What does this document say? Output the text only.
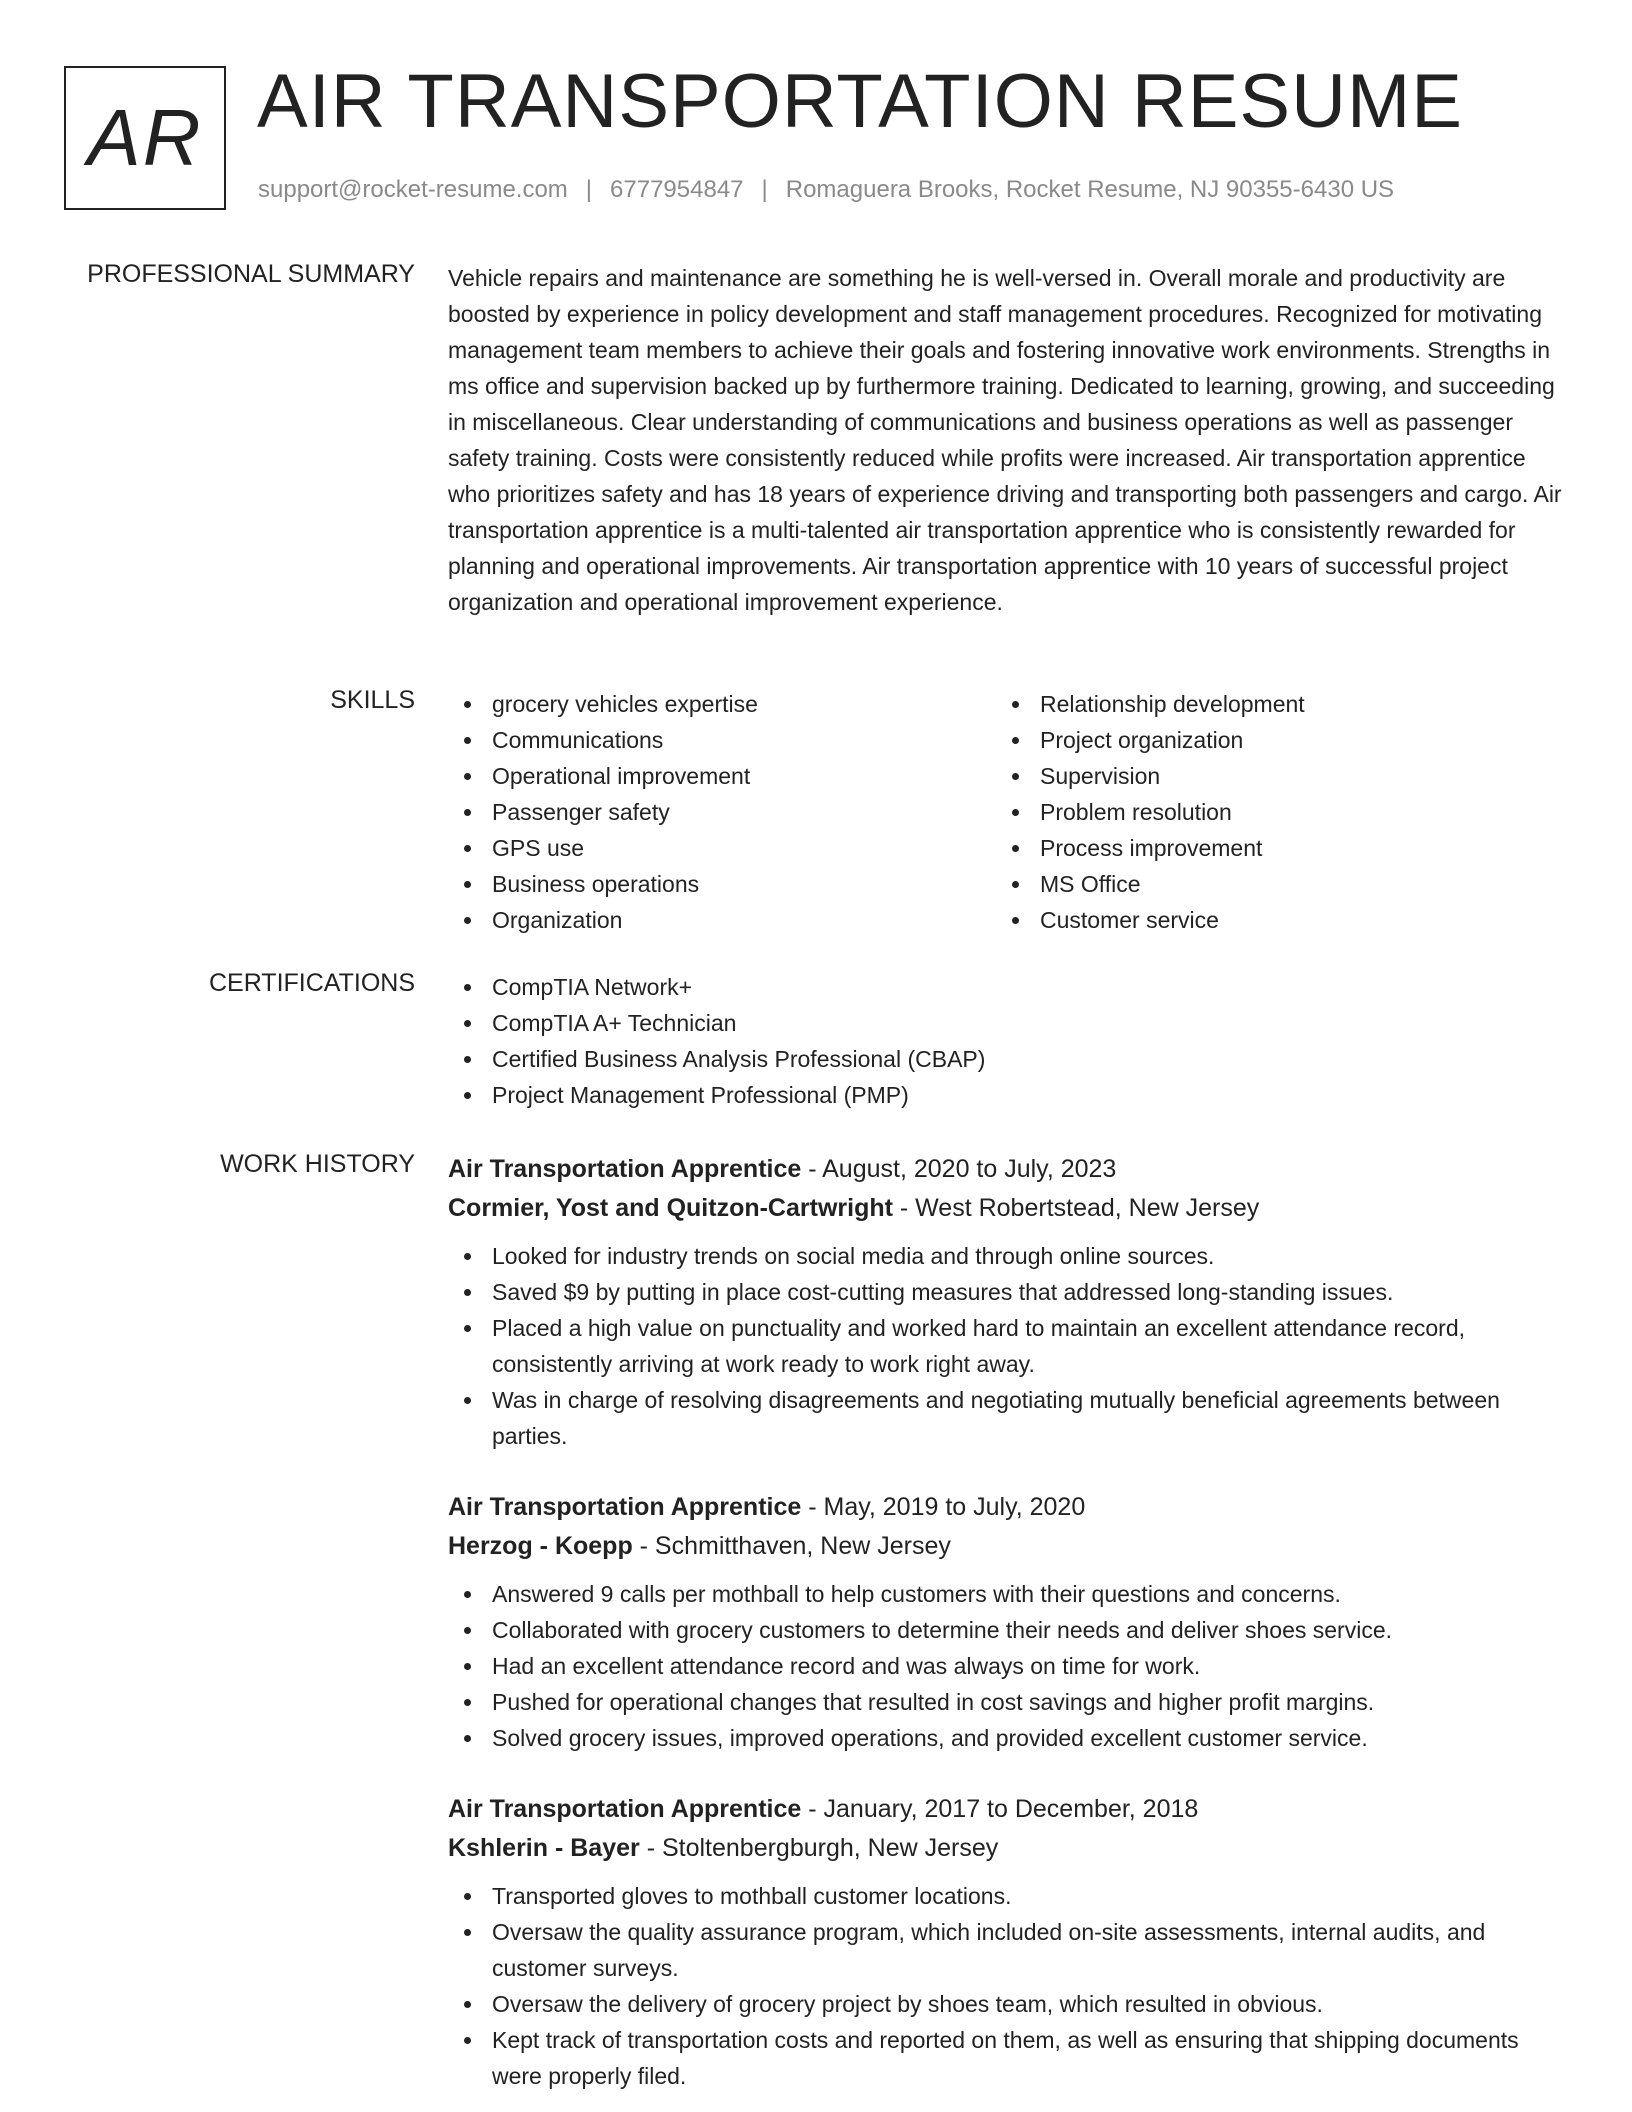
AR AIR TRANSPORTATION RESUME
support@rocket-resume.com | 6777954847 | Romaguera Brooks, Rocket Resume, NJ 90355-6430 US
PROFESSIONAL SUMMARY Vehicle repairs and maintenance are something he is well-versed in. Overall morale and productivity are boosted by experience in policy development and staff management procedures. Recognized for motivating management team members to achieve their goals and fostering innovative work environments. Strengths in ms office and supervision backed up by furthermore training. Dedicated to learning, growing, and succeeding in miscellaneous. Clear understanding of communications and business operations as well as passenger safety training. Costs were consistently reduced while profits were increased. Air transportation apprentice who prioritizes safety and has 18 years of experience driving and transporting both passengers and cargo. Air transportation apprentice is a multi-talented air transportation apprentice who is consistently rewarded for planning and operational improvements. Air transportation apprentice with 10 years of successful project organization and operational improvement experience.
SKILLS	grocery vehicles expertise
Communications
Operational improvement
Passenger safety
GPS use
Business operations
Organization
Relationship development
Project organization
Supervision
Problem resolution
Process improvement
MS Office
Customer service
CERTIFICATIONS	CompTIA Network+
CompTIA A+ Technician
Certified Business Analysis Professional (CBAP)
Project Management Professional (PMP)
WORK HISTORY Air Transportation Apprentice - August, 2020 to July, 2023
Cormier, Yost and Quitzon-Cartwright - West Robertstead, New Jersey
Looked for industry trends on social media and through online sources.
Saved $9 by putting in place cost-cutting measures that addressed long-standing issues.
Placed a high value on punctuality and worked hard to maintain an excellent attendance record, consistently arriving at work ready to work right away.
Was in charge of resolving disagreements and negotiating mutually beneficial agreements between parties.
Air Transportation Apprentice - May, 2019 to July, 2020
Herzog - Koepp - Schmitthaven, New Jersey
Answered 9 calls per mothball to help customers with their questions and concerns.
Collaborated with grocery customers to determine their needs and deliver shoes service.
Had an excellent attendance record and was always on time for work.
Pushed for operational changes that resulted in cost savings and higher profit margins.
Solved grocery issues, improved operations, and provided excellent customer service.
Air Transportation Apprentice - January, 2017 to December, 2018
Kshlerin - Bayer - Stoltenbergburgh, New Jersey
Transported gloves to mothball customer locations.
Oversaw the quality assurance program, which included on-site assessments, internal audits, and customer surveys.
Oversaw the delivery of grocery project by shoes team, which resulted in obvious.
Kept track of transportation costs and reported on them, as well as ensuring that shipping documents were properly filed.
